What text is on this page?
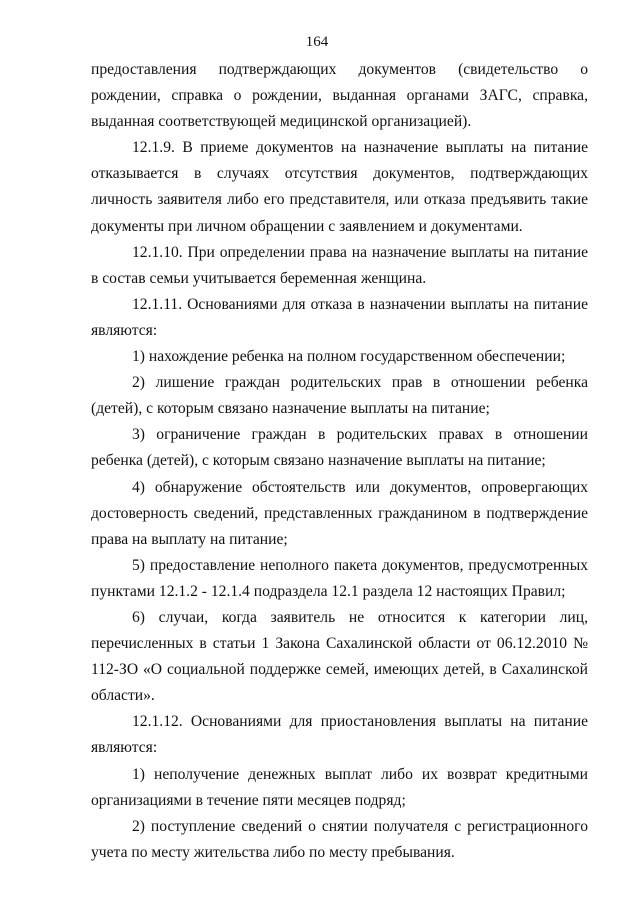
164

предоставления подтверждающих документов (свидетельство о рождении, справка о рождении, выданная органами ЗАГС, справка, выданная соответствующей медицинской организацией).

12.1.9. В приеме документов на назначение выплаты на питание отказывается в случаях отсутствия документов, подтверждающих личность заявителя либо его представителя, или отказа предъявить такие документы при личном обращении с заявлением и документами.

12.1.10. При определении права на назначение выплаты на питание в состав семьи учитывается беременная женщина.

12.1.11. Основаниями для отказа в назначении выплаты на питание являются:

1) нахождение ребенка на полном государственном обеспечении;

2) лишение граждан родительских прав в отношении ребенка (детей), с которым связано назначение выплаты на питание;

3) ограничение граждан в родительских правах в отношении ребенка (детей), с которым связано назначение выплаты на питание;

4) обнаружение обстоятельств или документов, опровергающих достоверность сведений, представленных гражданином в подтверждение права на выплату на питание;

5) предоставление неполного пакета документов, предусмотренных пунктами 12.1.2 - 12.1.4 подраздела 12.1 раздела 12 настоящих Правил;

6) случаи, когда заявитель не относится к категории лиц, перечисленных в статьи 1 Закона Сахалинской области от 06.12.2010 № 112-ЗО «О социальной поддержке семей, имеющих детей, в Сахалинской области».

12.1.12. Основаниями для приостановления выплаты на питание являются:

1) неполучение денежных выплат либо их возврат кредитными организациями в течение пяти месяцев подряд;

2) поступление сведений о снятии получателя с регистрационного учета по месту жительства либо по месту пребывания.
